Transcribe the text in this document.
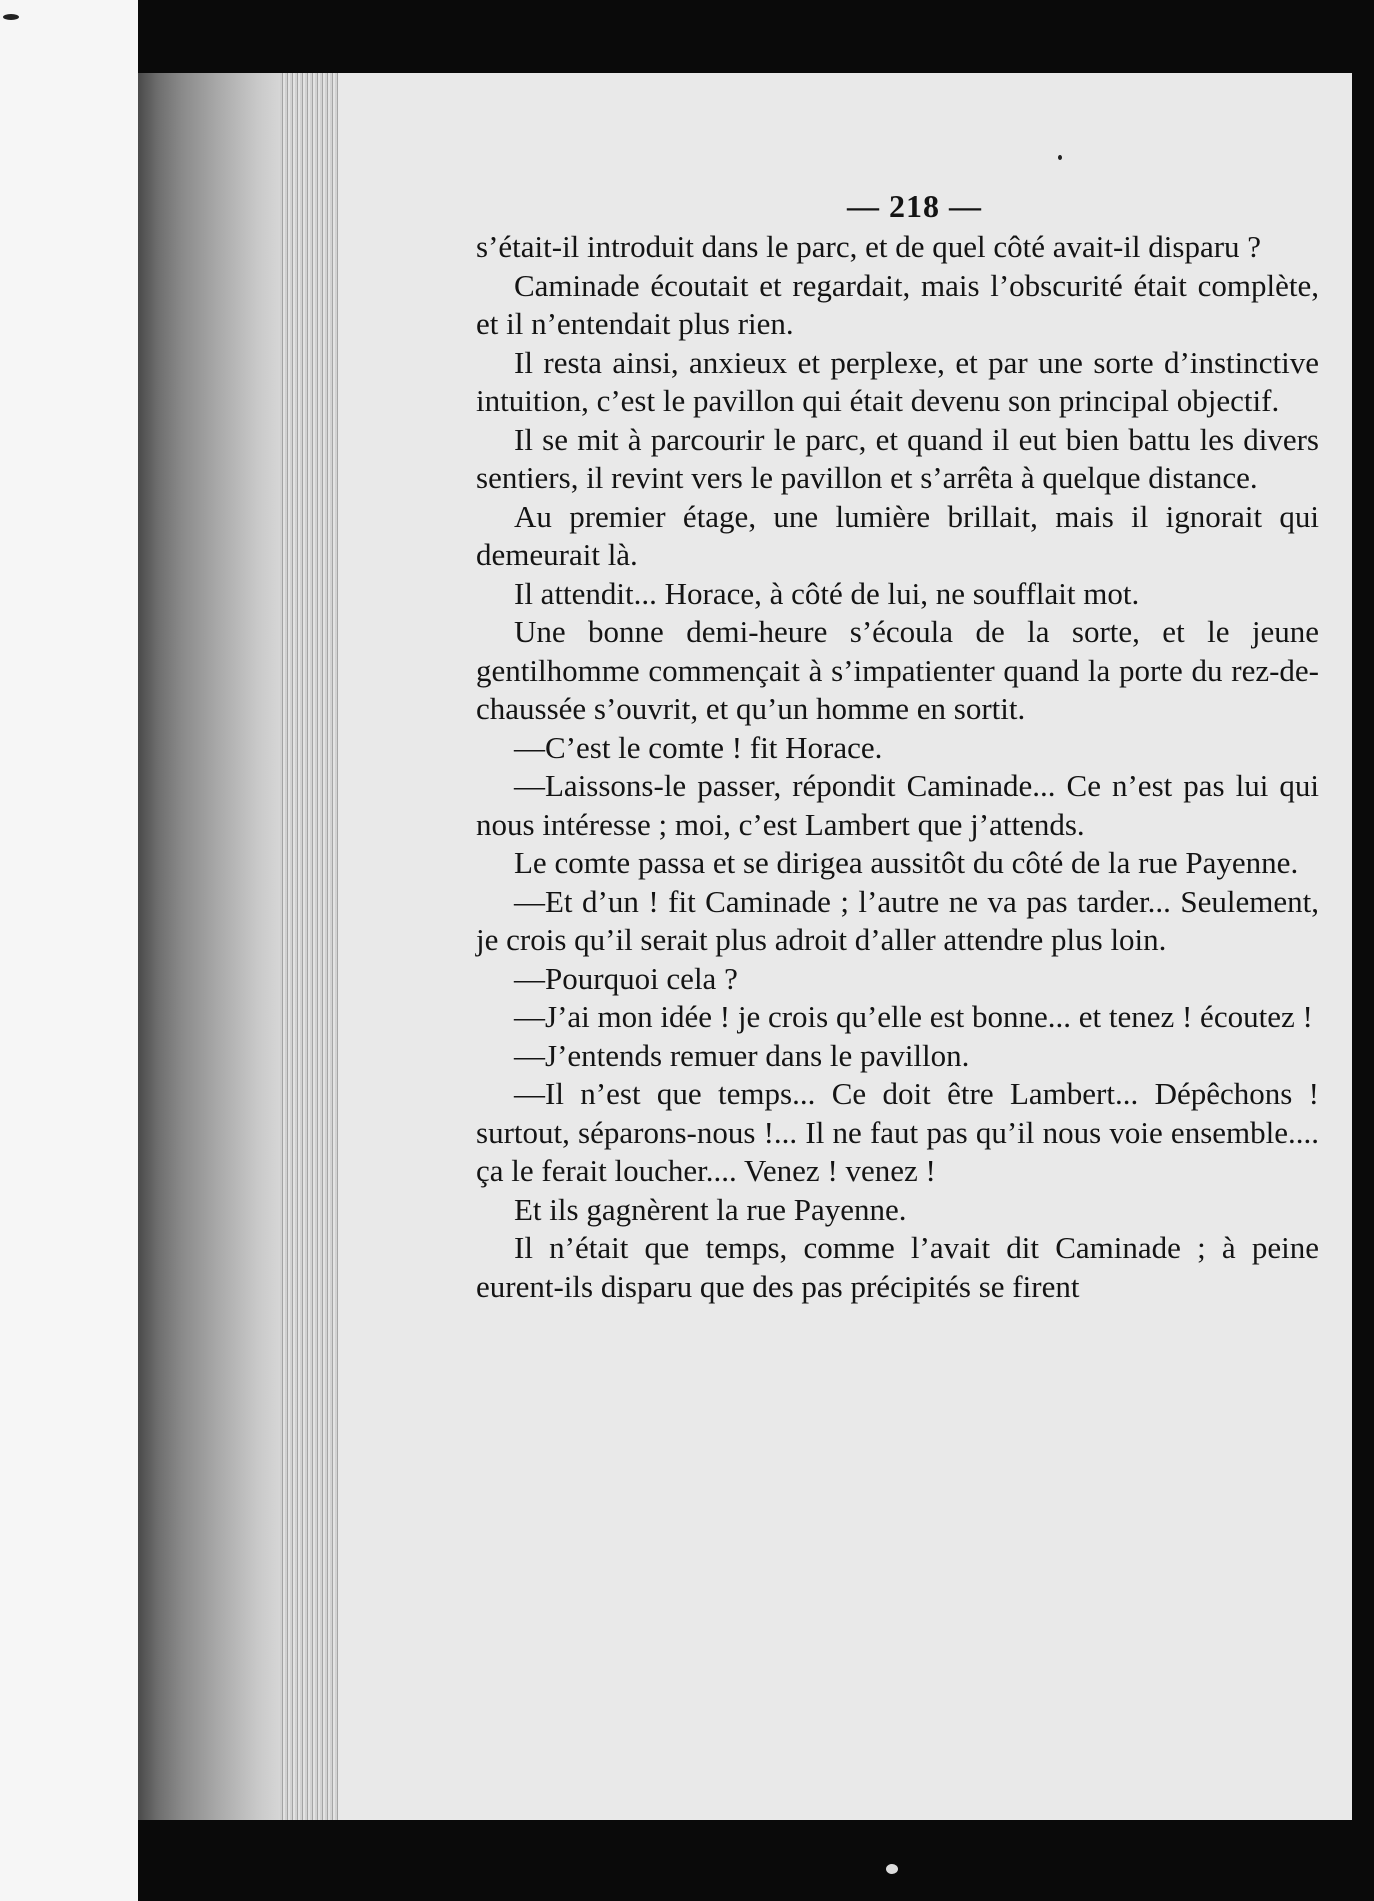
— 218 —

s’était-il introduit dans le parc, et de quel côté avait-il disparu ?

Caminade écoutait et regardait, mais l’obscurité était complète, et il n’entendait plus rien.

Il resta ainsi, anxieux et perplexe, et par une sorte d’instinctive intuition, c’est le pavillon qui était devenu son principal objectif.

Il se mit à parcourir le parc, et quand il eut bien battu les divers sentiers, il revint vers le pavillon et s’arrêta à quelque distance.

Au premier étage, une lumière brillait, mais il ignorait qui demeurait là.

Il attendit... Horace, à côté de lui, ne soufflait mot.

Une bonne demi-heure s’écoula de la sorte, et le jeune gentilhomme commençait à s’impatienter quand la porte du rez-de-chaussée s’ouvrit, et qu’un homme en sortit.

—C’est le comte ! fit Horace.

—Laissons-le passer, répondit Caminade... Ce n’est pas lui qui nous intéresse ; moi, c’est Lambert que j’attends.

Le comte passa et se dirigea aussitôt du côté de la rue Payenne.

—Et d’un ! fit Caminade ; l’autre ne va pas tarder... Seulement, je crois qu’il serait plus adroit d’aller attendre plus loin.

—Pourquoi cela ?

—J’ai mon idée ! je crois qu’elle est bonne... et tenez ! écoutez !

—J’entends remuer dans le pavillon.

—Il n’est que temps... Ce doit être Lambert... Dépêchons ! surtout, séparons-nous !... Il ne faut pas qu’il nous voie ensemble.... ça le ferait loucher.... Venez ! venez !

Et ils gagnèrent la rue Payenne.

Il n’était que temps, comme l’avait dit Caminade ; à peine eurent-ils disparu que des pas précipités se firent
